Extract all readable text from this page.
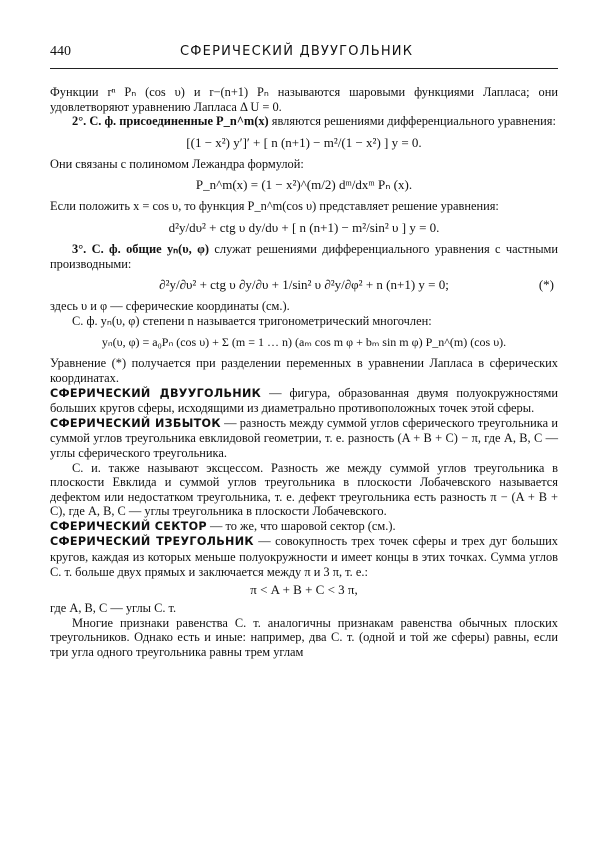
440	СФЕРИЧЕСКИЙ ДВУУГОЛЬНИК

Функции rⁿ Pₙ (cos υ) и r−(n+1) Pₙ называются шаровыми функциями Лапласа; они удовлетворяют уравнению Лапласа Δ U = 0.

2°. С. ф. присоединенные P_n^m(x) являются решениями дифференциального уравнения:

[(1 − x²) y′]′ + [ n (n+1) − m²/(1 − x²) ] y = 0.

Они связаны с полиномом Лежандра формулой:

P_n^m(x) = (1 − x²)^(m/2) dᵐ/dxᵐ Pₙ (x).

Если положить x = cos υ, то функция P_n^m(cos υ) представляет решение уравнения:

d²y/dυ² + ctg υ dy/dυ + [ n (n+1) − m²/sin² υ ] y = 0.

3°. С. ф. общие yₙ(υ, φ) служат решениями дифференциального уравнения с частными производными:

∂²y/∂υ² + ctg υ ∂y/∂υ + 1/sin² υ ∂²y/∂φ² + n (n+1) y = 0;	(*)

здесь υ и φ — сферические координаты (см.).

С. ф. yₙ(υ, φ) степени n называется тригонометрический многочлен:

yₙ(υ, φ) = a₀Pₙ (cos υ) + Σ (m = 1 … n) (aₘ cos m φ + bₘ sin m φ) P_n^(m) (cos υ).

Уравнение (*) получается при разделении переменных в уравнении Лапласа в сферических координатах.

СФЕРИЧЕСКИЙ ДВУУГОЛЬНИК — фигура, образованная двумя полуокружностями больших кругов сферы, исходящими из диаметрально противоположных точек этой сферы.

СФЕРИЧЕСКИЙ ИЗБЫТОК — разность между суммой углов сферического треугольника и суммой углов треугольника евклидовой геометрии, т. е. разность (A + B + C) − π, где A, B, C — углы сферического треугольника.

С. и. также называют эксцессом. Разность же между суммой углов треугольника в плоскости Евклида и суммой углов треугольника в плоскости Лобачевского называется дефектом или недостатком треугольника, т. е. дефект треугольника есть разность π − (A + B + C), где A, B, C — углы треугольника в плоскости Лобачевского.

СФЕРИЧЕСКИЙ СЕКТОР — то же, что шаровой сектор (см.).

СФЕРИЧЕСКИЙ ТРЕУГОЛЬНИК — совокупность трех точек сферы и трех дуг больших кругов, каждая из которых меньше полуокружности и имеет концы в этих точках. Сумма углов С. т. больше двух прямых и заключается между π и 3 π, т. е.:

π < A + B + C < 3 π,

где A, B, C — углы С. т.

Многие признаки равенства С. т. аналогичны признакам равенства обычных плоских треугольников. Однако есть и иные: например, два С. т. (одной и той же сферы) равны, если три угла одного треугольника равны трем углам
